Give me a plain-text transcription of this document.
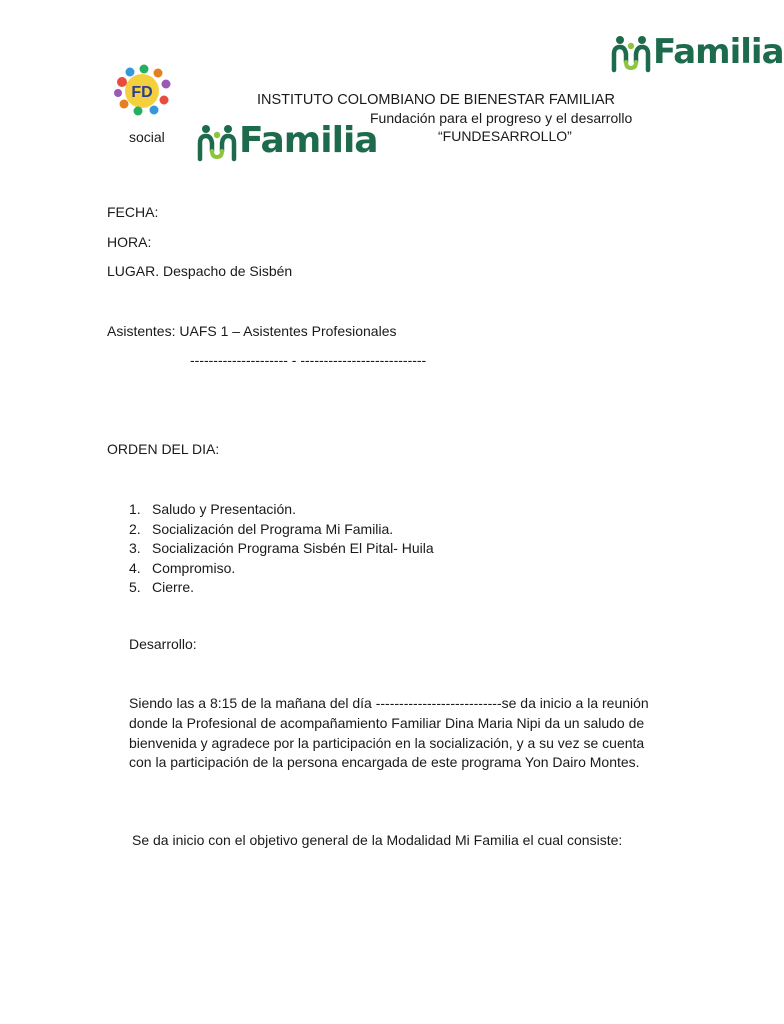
Familia
FD	INSTITUTO COLOMBIANO DE BIENESTAR FAMILIAR
Fundación para el progreso y el desarrollo
“FUNDESARROLLO”
social Familia
FECHA:
HORA:
LUGAR. Despacho de Sisbén
Asistentes: UAFS 1 – Asistentes Profesionales
--------------------- - ---------------------------
ORDEN DEL DIA:
1. Saludo y Presentación.
2. Socialización del Programa Mi Familia.
3. Socialización Programa Sisbén El Pital- Huila
4. Compromiso.
5. Cierre.
Desarrollo:
Siendo las a 8:15 de la mañana del día ---------------------------se da inicio a la reunión donde la Profesional de acompañamiento Familiar Dina Maria Nipi da un saludo de bienvenida y agradece por la participación en la socialización, y a su vez se cuenta con la participación de la persona encargada de este programa Yon Dairo Montes.
Se da inicio con el objetivo general de la Modalidad Mi Familia el cual consiste:
